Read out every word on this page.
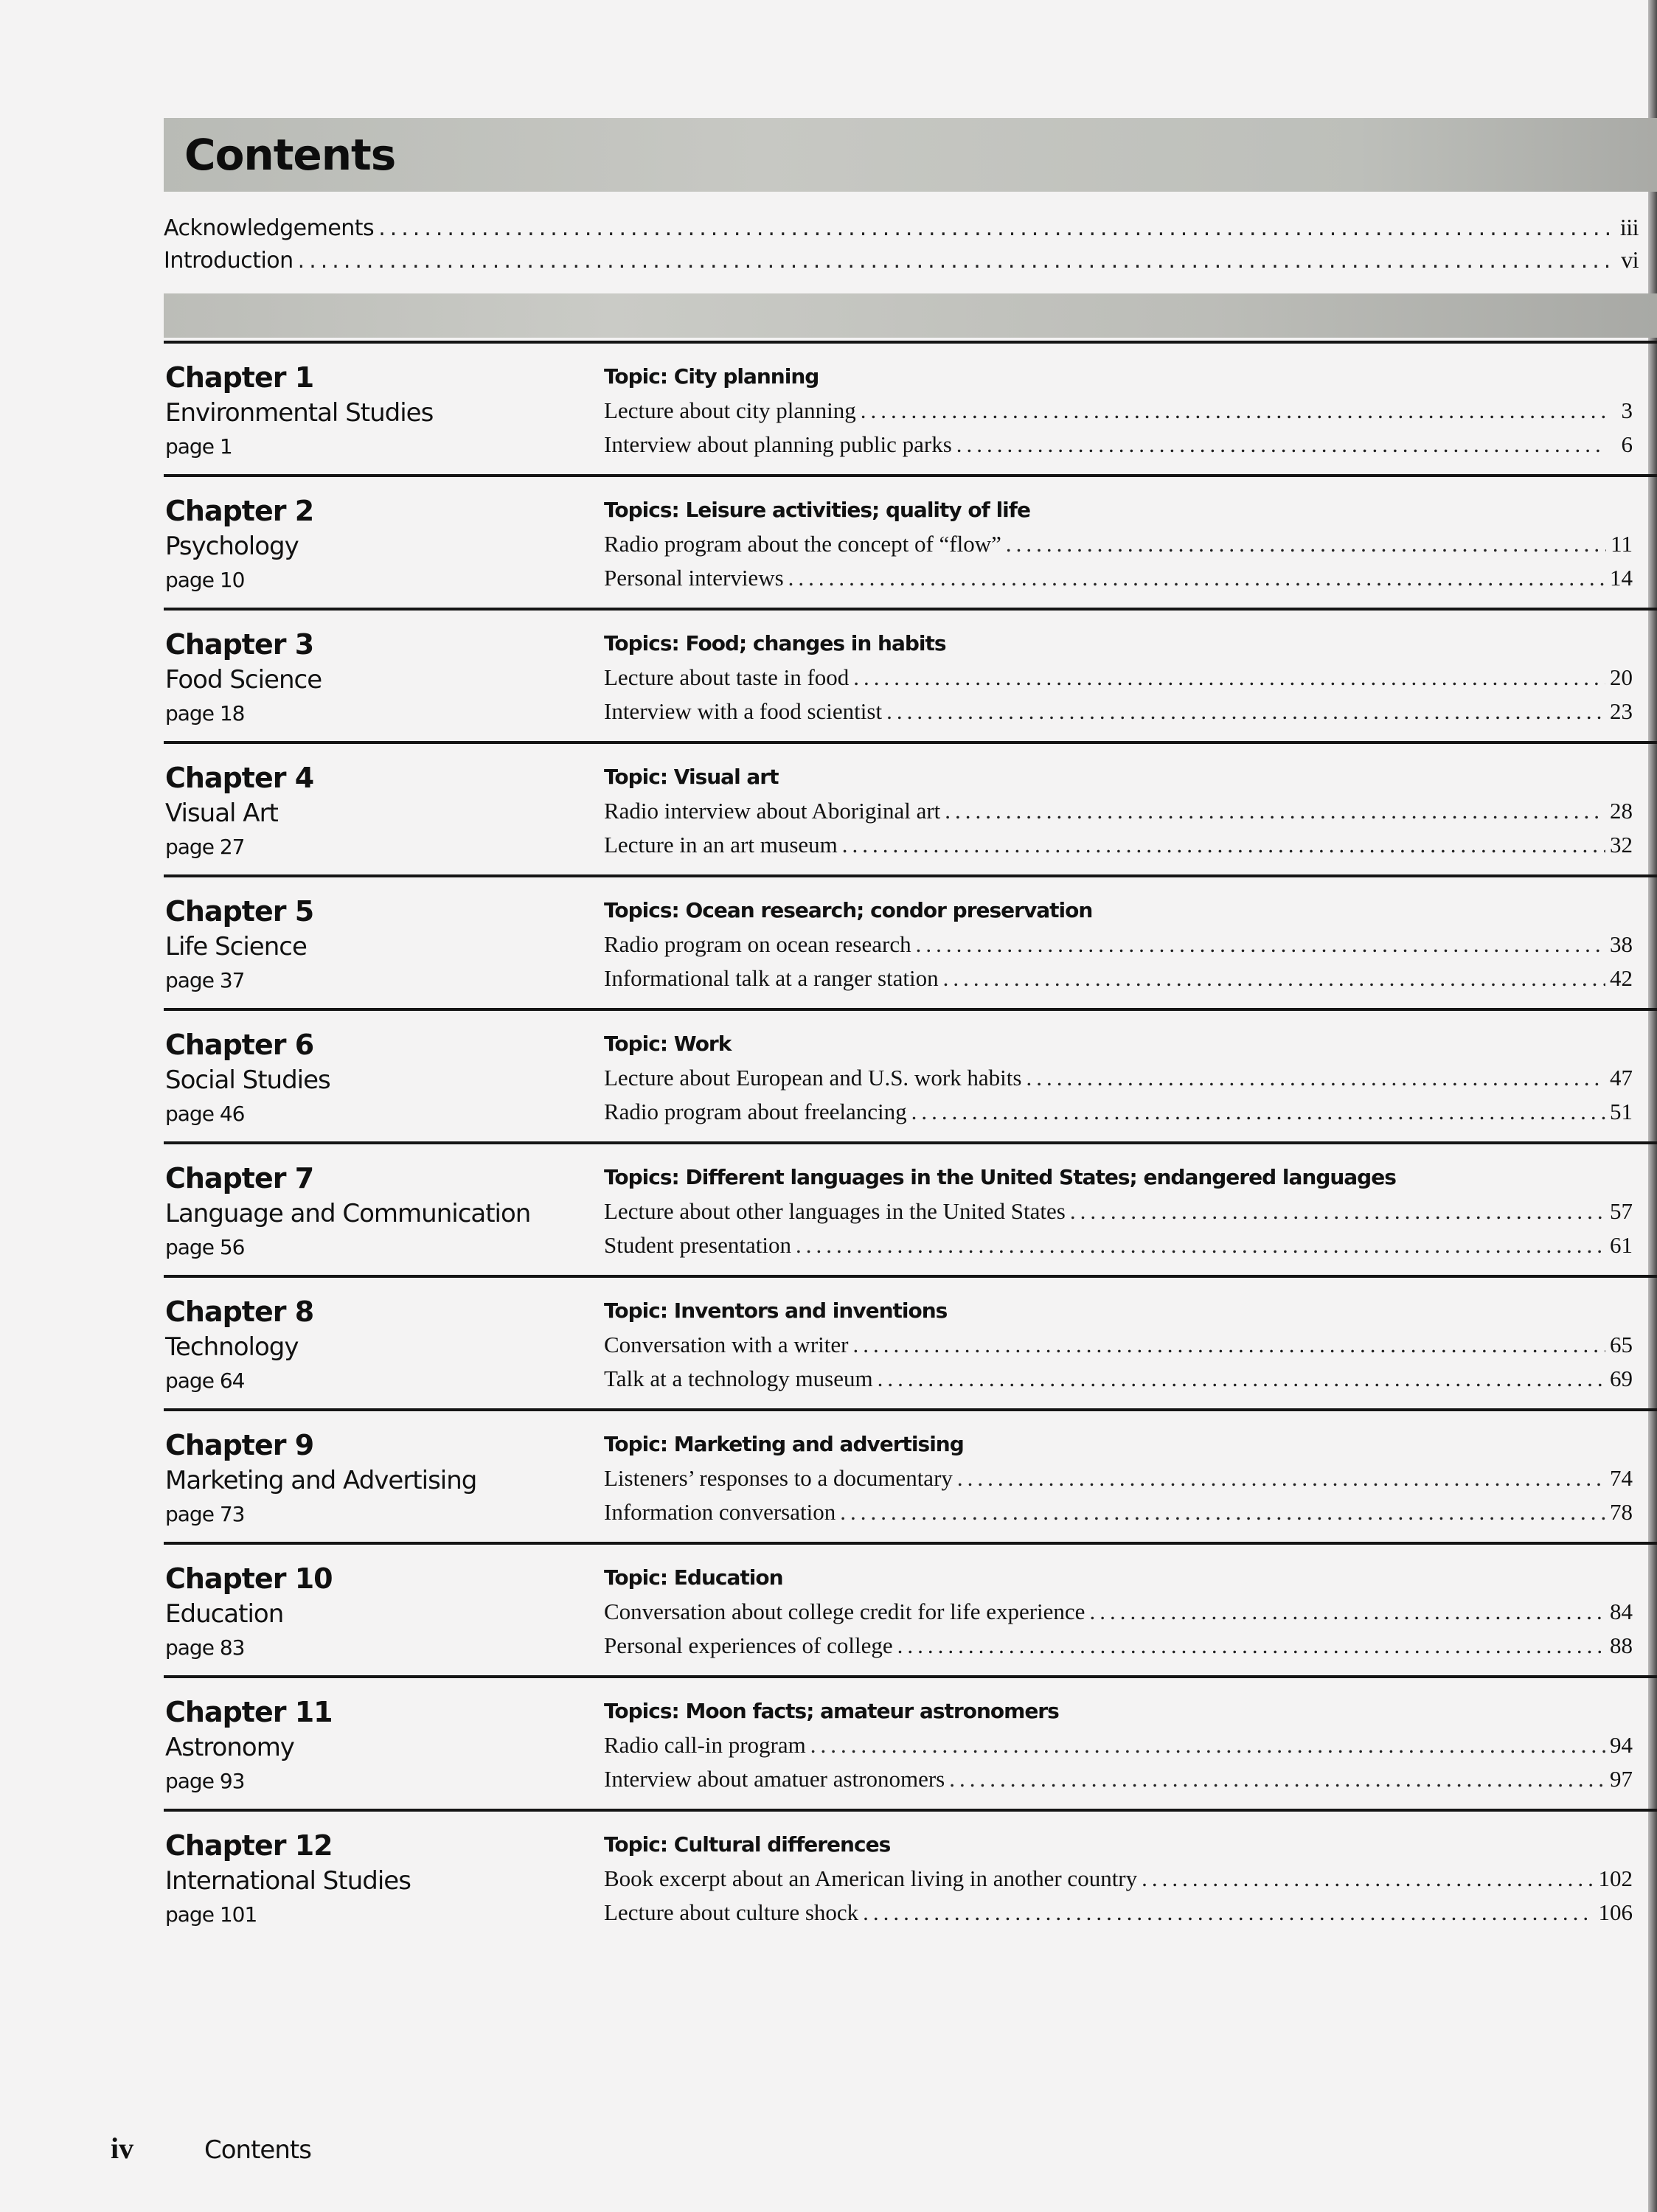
Contents
Acknowledgements .....	iii
Introduction .....	vi
Chapter 1
Environmental Studies
page 1
Topic: City planning
Lecture about city planning .....	3
Interview about planning public parks .....	6
Chapter 2
Psychology
page 10
Topics: Leisure activities; quality of life
Radio program about the concept of “flow” .....	11
Personal interviews .....	14
Chapter 3
Food Science
page 18
Topics: Food; changes in habits
Lecture about taste in food .....	20
Interview with a food scientist .....	23
Chapter 4
Visual Art
page 27
Topic: Visual art
Radio interview about Aboriginal art .....	28
Lecture in an art museum .....	32
Chapter 5
Life Science
page 37
Topics: Ocean research; condor preservation
Radio program on ocean research .....	38
Informational talk at a ranger station .....	42
Chapter 6
Social Studies
page 46
Topic: Work
Lecture about European and U.S. work habits .....	47
Radio program about freelancing .....	51
Chapter 7
Language and Communication
page 56
Topics: Different languages in the United States; endangered languages
Lecture about other languages in the United States .....	57
Student presentation .....	61
Chapter 8
Technology
page 64
Topic: Inventors and inventions
Conversation with a writer .....	65
Talk at a technology museum .....	69
Chapter 9
Marketing and Advertising
page 73
Topic: Marketing and advertising
Listeners’ responses to a documentary .....	74
Information conversation .....	78
Chapter 10
Education
page 83
Topic: Education
Conversation about college credit for life experience .....	84
Personal experiences of college .....	88
Chapter 11
Astronomy
page 93
Topics: Moon facts; amateur astronomers
Radio call-in program .....	94
Interview about amatuer astronomers .....	97
Chapter 12
International Studies
page 101
Topic: Cultural differences
Book excerpt about an American living in another country .....	102
Lecture about culture shock .....	106
iv	Contents
